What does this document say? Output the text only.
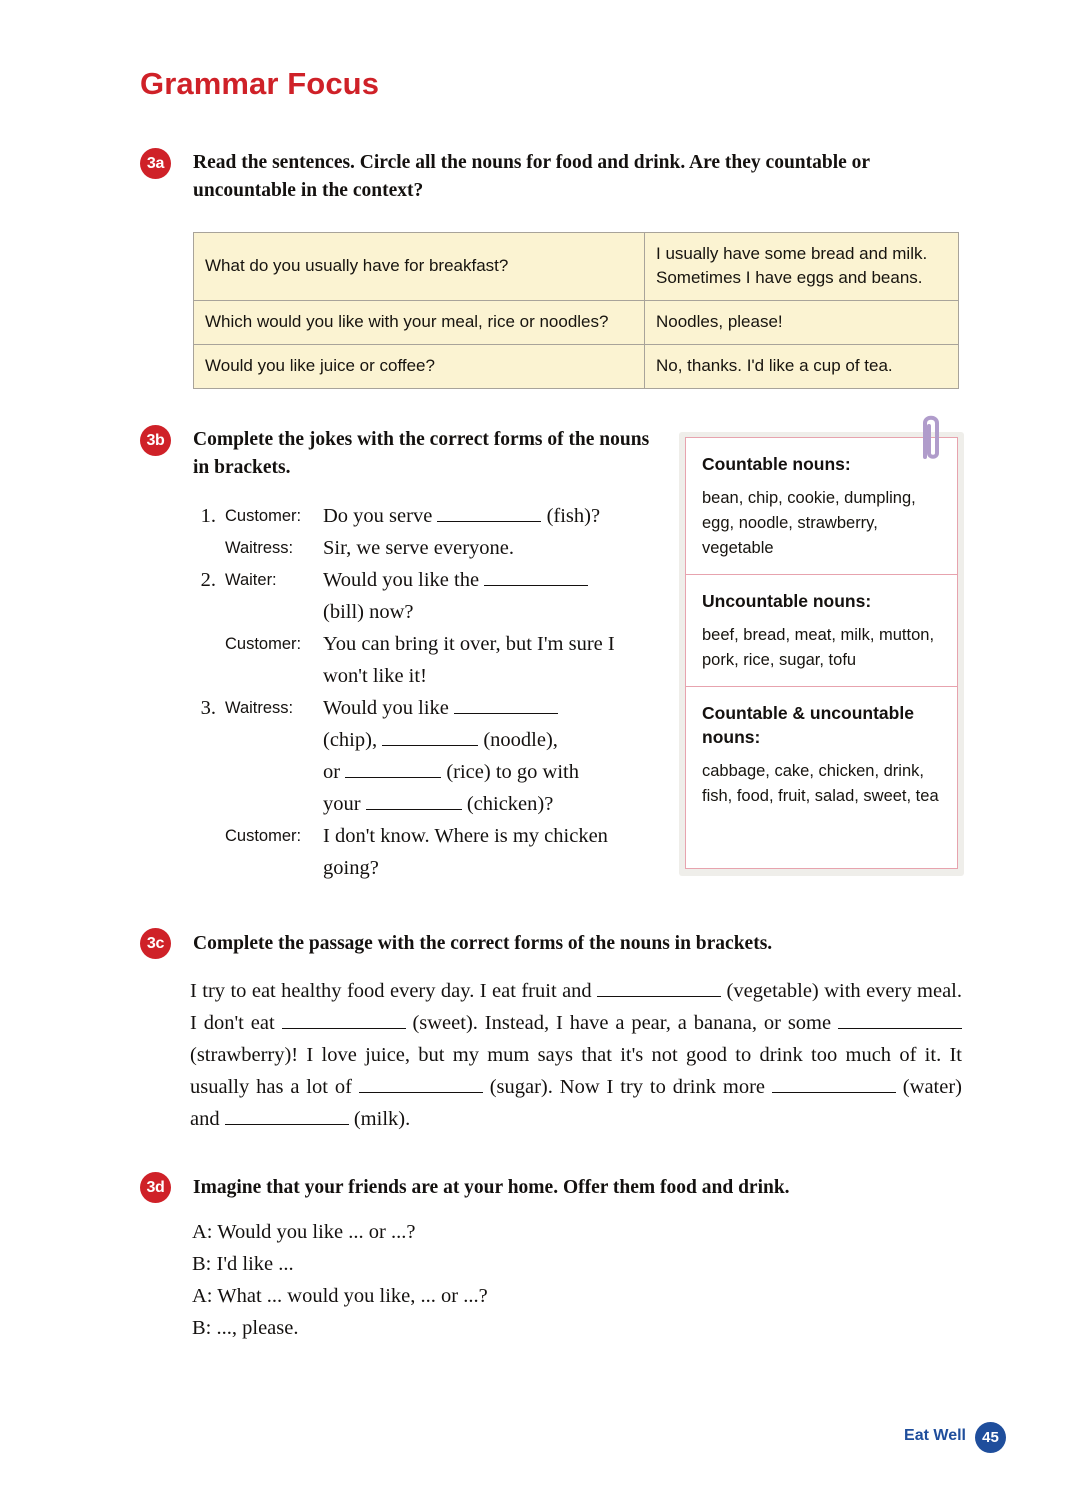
Grammar Focus
3a	Read the sentences. Circle all the nouns for food and drink. Are they countable or uncountable in the context?
What do you usually have for breakfast?	I usually have some bread and milk. Sometimes I have eggs and beans.
Which would you like with your meal, rice or noodles?	Noodles, please!
Would you like juice or coffee?	No, thanks. I'd like a cup of tea.
3b	Complete the jokes with the correct forms of the nouns in brackets.
1. Customer:	Do you serve	(fish)?
Waitress:	Sir, we serve everyone.
2. Waiter:	Would you like the
(bill) now?
Customer:	You can bring it over, but I'm sure I won't like it!
3. Waitress:	Would you like
(chip),	(noodle),
or	(rice) to go with
your	(chicken)?
Customer:	I don't know. Where is my chicken going?
Countable nouns:
bean, chip, cookie, dumpling, egg, noodle, strawberry, vegetable
Uncountable nouns:
beef, bread, meat, milk, mutton, pork, rice, sugar, tofu
Countable & uncountable nouns:
cabbage, cake, chicken, drink, fish, food, fruit, salad, sweet, tea
3c	Complete the passage with the correct forms of the nouns in brackets.
I try to eat healthy food every day. I eat fruit and	(vegetable) with every meal. I don't eat	(sweet). Instead, I have a pear, a banana, or some  (strawberry)! I love juice, but my mum says that it's not good to drink too much of it. It usually has a lot of	(sugar). Now I try to drink more	(water) and	(milk).
3d	Imagine that your friends are at your home. Offer them food and drink.
A: Would you like ... or ...?
B: I'd like ...
A: What ... would you like, ... or ...?
B: ..., please.
Eat Well	45
